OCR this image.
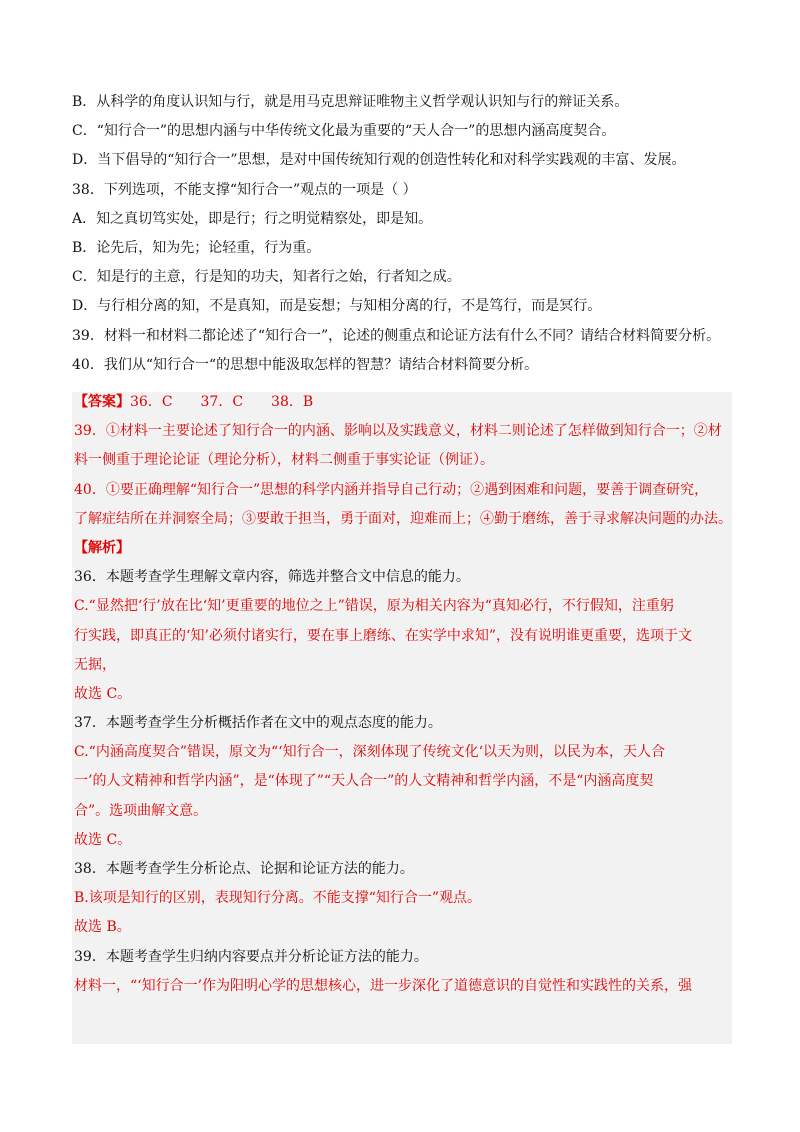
B．从科学的角度认识知与行，就是用马克思辩证唯物主义哲学观认识知与行的辩证关系。
C．“知行合一”的思想内涵与中华传统文化最为重要的“天人合一”的思想内涵高度契合。
D．当下倡导的“知行合一”思想，是对中国传统知行观的创造性转化和对科学实践观的丰富、发展。
38．下列选项，不能支撑“知行合一”观点的一项是（ ）
A．知之真切笃实处，即是行；行之明觉精察处，即是知。
B．论先后，知为先；论轻重，行为重。
C．知是行的主意，行是知的功夫，知者行之始，行者知之成。
D．与行相分离的知，不是真知，而是妄想；与知相分离的行，不是笃行，而是冥行。
39．材料一和材料二都论述了“知行合一”，论述的侧重点和论证方法有什么不同？请结合材料简要分析。
40．我们从“知行合一“的思想中能汲取怎样的智慧？请结合材料简要分析。
【答案】36．C　　37．C　　38．B
39．①材料一主要论述了知行合一的内涵、影响以及实践意义，材料二则论述了怎样做到知行合一；②材
料一侧重于理论论证（理论分析），材料二侧重于事实论证（例证）。
40．①要正确理解“知行合一”思想的科学内涵并指导自己行动；②遇到困难和问题，要善于调查研究，
了解症结所在并洞察全局；③要敢于担当，勇于面对，迎难而上；④勤于磨练，善于寻求解决问题的办法。
【解析】
36．本题考查学生理解文章内容，筛选并整合文中信息的能力。
C.“显然把‘行’放在比‘知’更重要的地位之上”错误，原为相关内容为“真知必行，不行假知，注重躬
行实践，即真正的‘知’必须付诸实行，要在事上磨练、在实学中求知”，没有说明谁更重要，选项于文
无据，
故选 C。
37．本题考查学生分析概括作者在文中的观点态度的能力。
C.“内涵高度契合”错误，原文为“‘知行合一，深刻体现了传统文化‘以天为则，以民为本，天人合
一’的人文精神和哲学内涵”，是“体现了”“天人合一”的人文精神和哲学内涵，不是“内涵高度契
合”。选项曲解文意。
故选 C。
38．本题考查学生分析论点、论据和论证方法的能力。
B.该项是知行的区别，表现知行分离。不能支撑“知行合一”观点。
故选 B。
39．本题考查学生归纳内容要点并分析论证方法的能力。
材料一，“‘知行合一’作为阳明心学的思想核心，进一步深化了道德意识的自觉性和实践性的关系，强
